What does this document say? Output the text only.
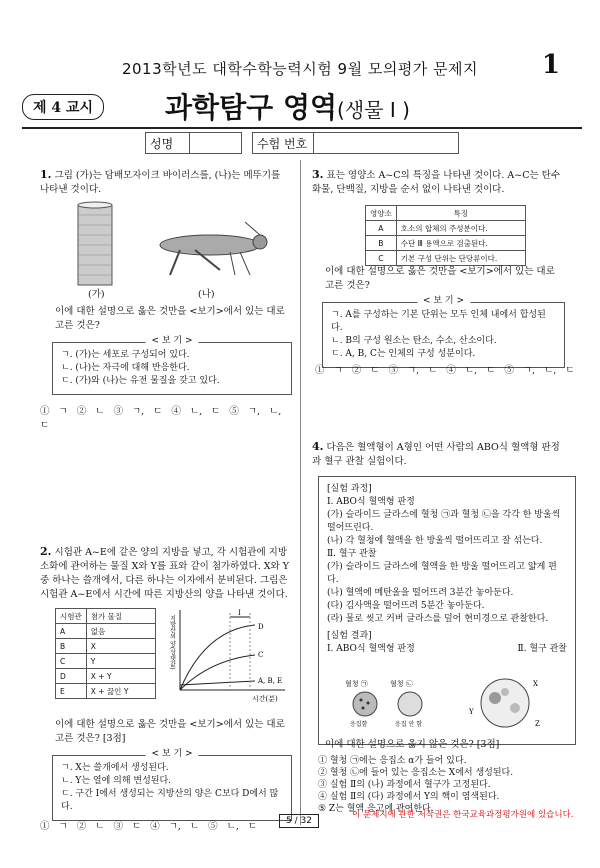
2013학년도 대학수학능력시험 9월 모의평가 문제지	1
제 4 교시	과학탐구 영역(생물 I )
성명	수험 번호
1. 그림 (가)는 담배모자이크 바이러스를, (나)는 메뚜기를 나타낸 것이다.
(가)	(나)
이에 대한 설명으로 옳은 것만을 <보기>에서 있는 대로 고른 것은?
< 보 기 >
ㄱ. (가)는 세포로 구성되어 있다.
ㄴ. (나)는 자극에 대해 반응한다.
ㄷ. (가)와 (나)는 유전 물질을 갖고 있다.
① ㄱ ② ㄴ ③ ㄱ, ㄷ ④ ㄴ, ㄷ ⑤ ㄱ, ㄴ, ㄷ
2. 시험관 A~E에 같은 양의 지방을 넣고, 각 시험관에 지방 소화에 관여하는 물질 X와 Y를 표와 같이 첨가하였다. X와 Y 중 하나는 쓸개에서, 다른 하나는 이자에서 분비된다. 그림은 시험관 A~E에서 시간에 따른 지방산의 양을 나타낸 것이다.
시험관	첨가 물질
A	없음
B	X
C	Y
D	X + Y
E	X + 끓인 Y
D
C
A, B, E
I
시간(분)
지방산의 양(상댓값)
이에 대한 설명으로 옳은 것만을 <보기>에서 있는 대로 고른 것은? [3점]
< 보 기 >
ㄱ. X는 쓸개에서 생성된다.
ㄴ. Y는 열에 의해 변성된다.
ㄷ. 구간 I에서 생성되는 지방산의 양은 C보다 D에서 많다.
① ㄱ ② ㄴ ③ ㄷ ④ ㄱ, ㄴ ⑤ ㄴ, ㄷ
3. 표는 영양소 A~C의 특징을 나타낸 것이다. A~C는 탄수화물, 단백질, 지방을 순서 없이 나타낸 것이다.
영양소	특징
A	호소의 합체의 주성분이다.
B	수단 Ⅲ 용액으로 검출된다.
C	기본 구성 단위는 단당류이다.
이에 대한 설명으로 옳은 것만을 <보기>에서 있는 대로 고른 것은?
< 보 기 >
ㄱ. A를 구성하는 기본 단위는 모두 인체 내에서 합성된다.
ㄴ. B의 구성 원소는 탄소, 수소, 산소이다.
ㄷ. A, B, C는 인체의 구성 성분이다.
① ㄱ ② ㄷ ③ ㄱ, ㄴ ④ ㄴ, ㄷ ⑤ ㄱ, ㄴ, ㄷ
4. 다음은 혈액형이 A형인 어떤 사람의 ABO식 혈액형 판정과 혈구 관찰 실험이다.
[실험 과정]
Ⅰ. ABO식 혈액형 판정
(가) 슬라이드 글라스에 혈청 ㉠과 혈청 ㉡을 각각 한 방울씩 떨어뜨린다.
(나) 각 혈청에 혈액을 한 방울씩 떨어뜨리고 잘 섞는다.
Ⅱ. 혈구 관찰
(가) 슬라이드 글라스에 혈액을 한 방울 떨어뜨리고 얇게 편다.
(나) 혈액에 메탄올을 떨어뜨려 3분간 놓아둔다.
(다) 김사액을 떨어뜨려 5분간 놓아둔다.
(라) 물로 씻고 커버 글라스를 덮어 현미경으로 관찰한다.
[실험 결과]
Ⅰ. ABO식 혈액형 판정	Ⅱ. 혈구 관찰
혈청 ㉠	혈청 ㉡
응집함	응집 안 함
X
Y
Z
이에 대한 설명으로 옳지 않은 것은? [3점]
① 혈청 ㉠에는 응집소 α가 들어 있다.
② 혈청 ㉡에 들어 있는 응집소는 X에서 생성된다.
③ 실험 Ⅱ의 (나) 과정에서 혈구가 고정된다.
④ 실험 Ⅱ의 (다) 과정에서 Y의 핵이 염색된다.
⑤ Z는 혈액 응고에 관여한다.
5 / 32
이 문제지에 관한 저작권은 한국교육과정평가원에 있습니다.
